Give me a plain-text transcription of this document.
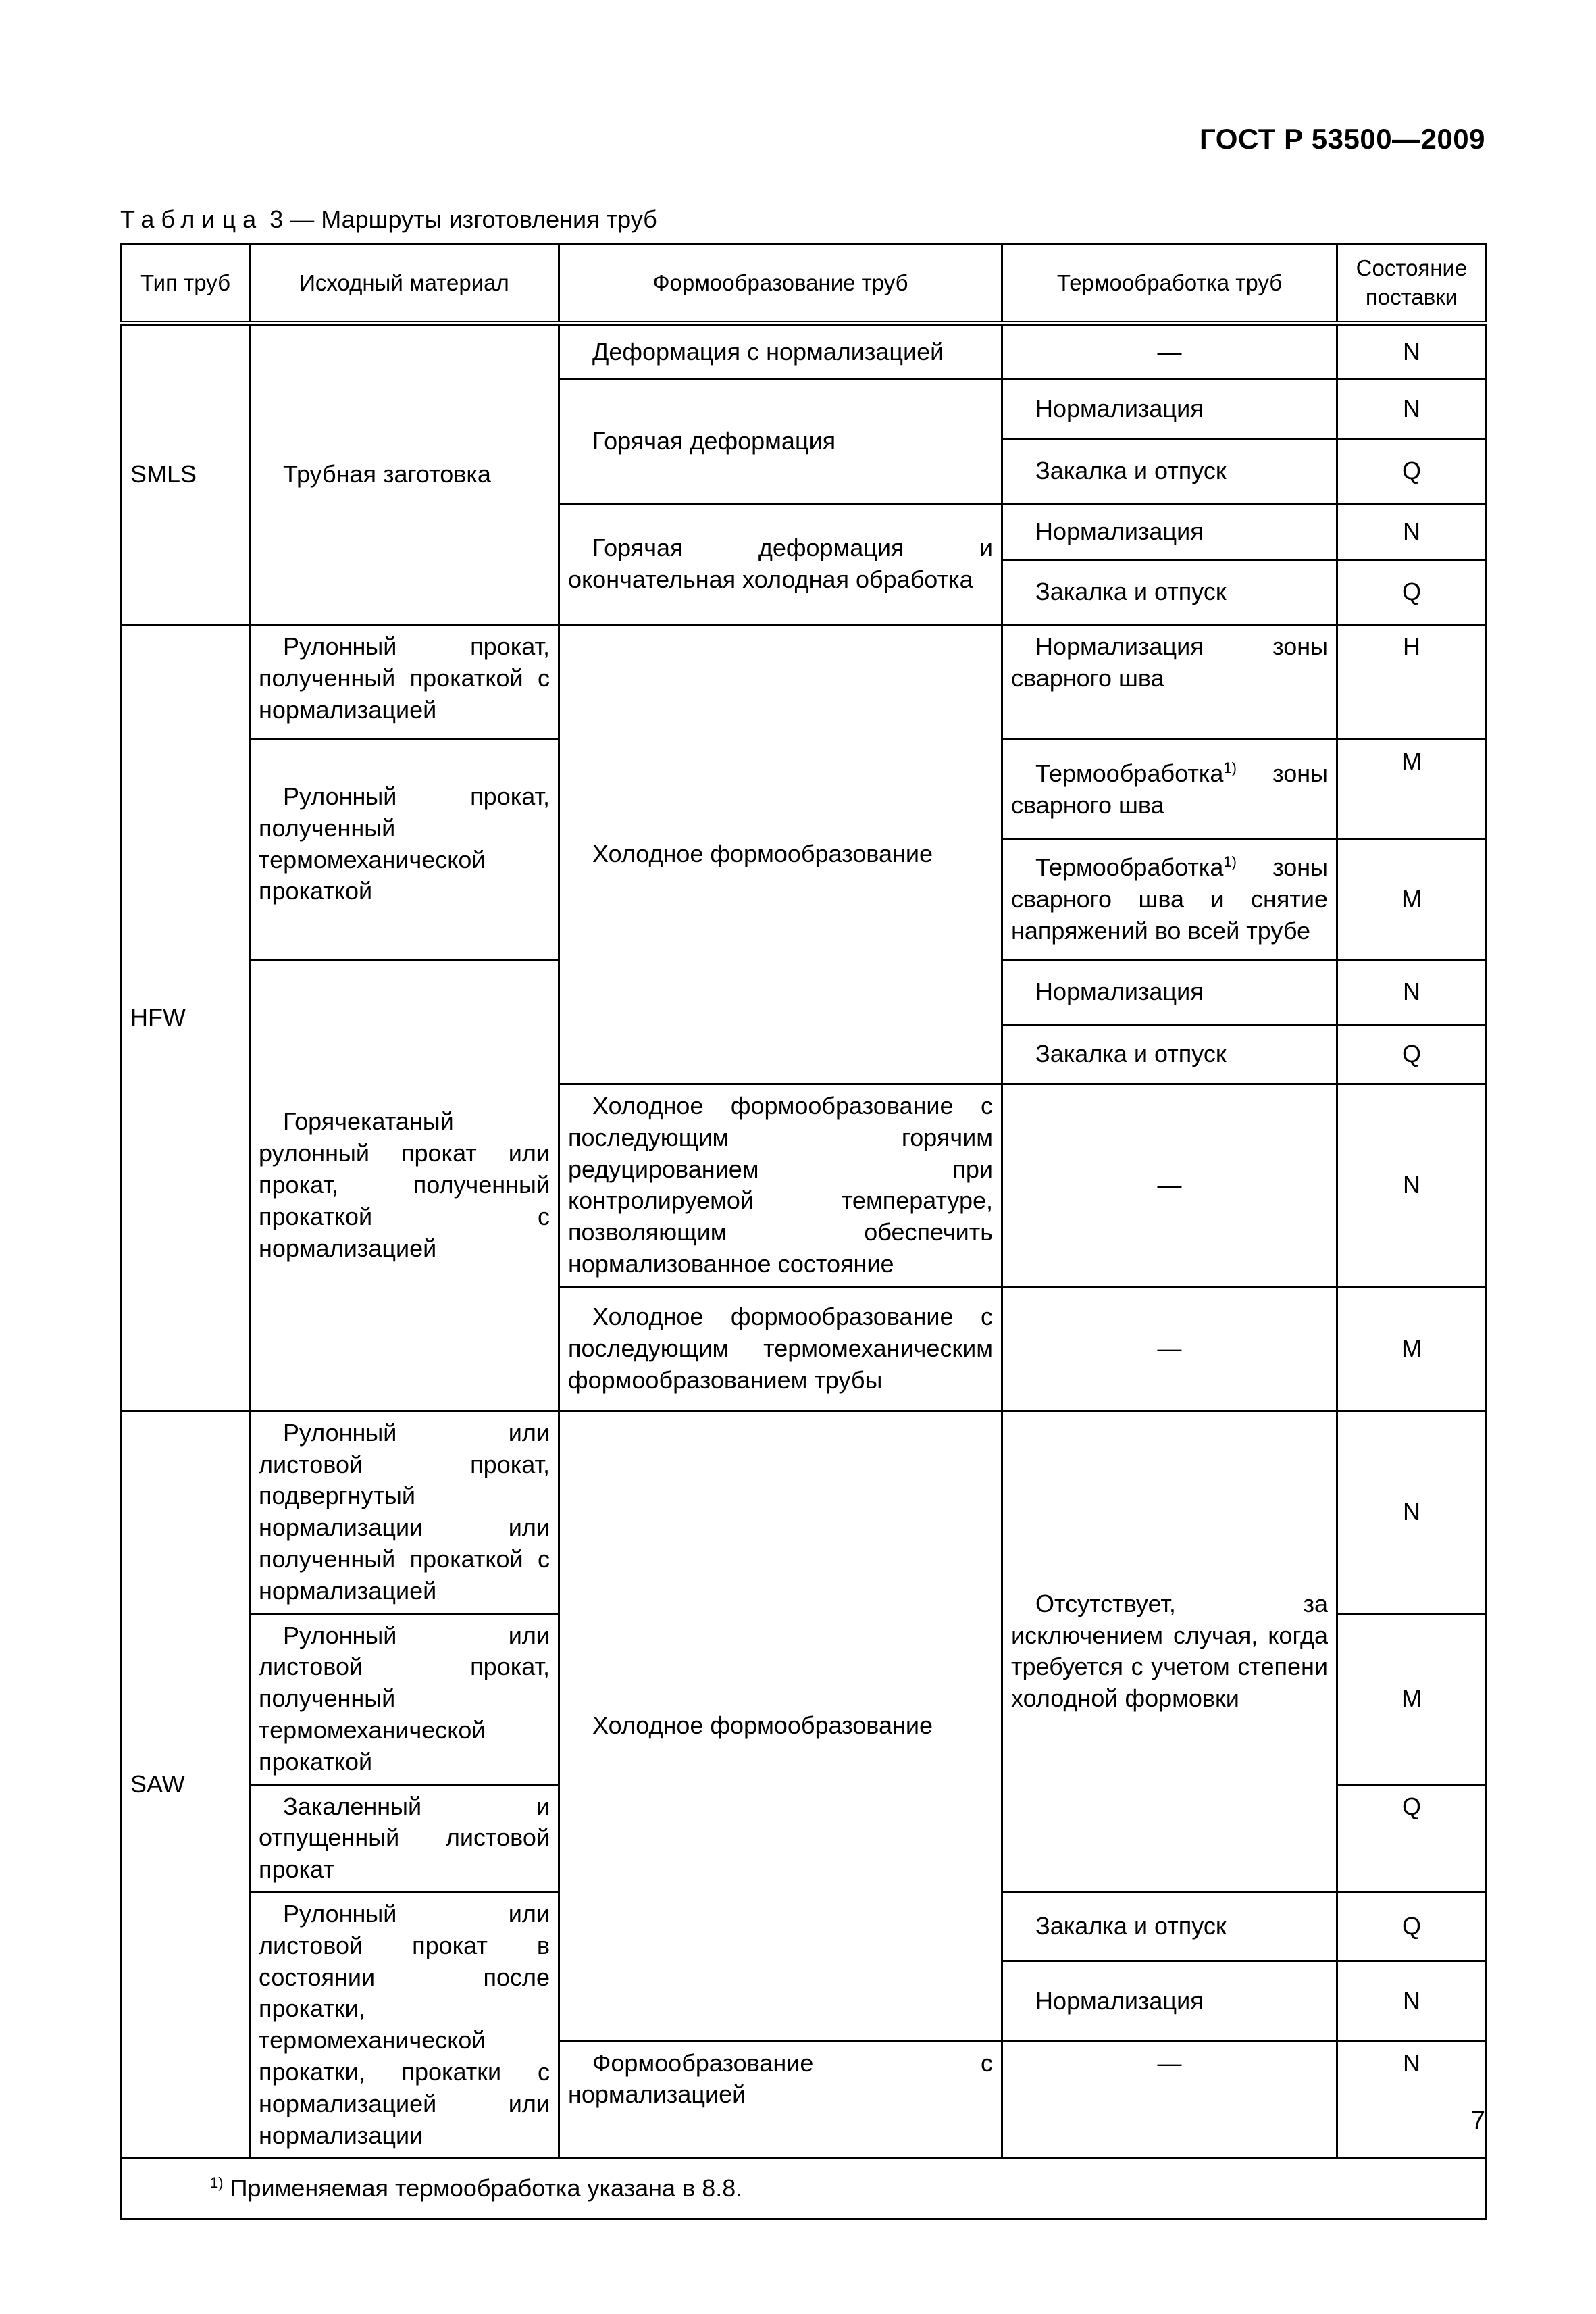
ГОСТ Р 53500—2009
Таблица 3 — Маршруты изготовления труб
Тип труб	Исходный материал	Формообразование труб	Термообработка труб	Состояние поставки
SMLS	Трубная заготовка	Деформация с нормализацией	—	N
		Горячая деформация	Нормализация	N
			Закалка и отпуск	Q
		Горячая деформация и окончательная холодная обработка	Нормализация	N
			Закалка и отпуск	Q
HFW	Рулонный прокат, полученный прокаткой с нормализацией	Холодное формообразование	Нормализация зоны сварного шва	H
	Рулонный прокат, полученный термомеханической прокаткой		Термообработка$^{1)}$ зоны сварного шва	M
			Термообработка$^{1)}$ зоны сварного шва и снятие напряжений во всей трубе	M
	Горячекатаный рулонный прокат или прокат, полученный прокаткой с нормализацией		Нормализация	N
			Закалка и отпуск	Q
		Холодное формообразование с последующим горячим редуцированием при контролируемой температуре, позволяющим обеспечить нормализованное состояние	—	N
		Холодное формообразование с последующим термомеханическим формообразованием трубы	—	M
SAW	Рулонный или листовой прокат, подвергнутый нормализации или полученный прокаткой с нормализацией	Холодное формообразование	Отсутствует, за исключением случая, когда требуется с учетом степени холодной формовки	N
	Рулонный или листовой прокат, полученный термомеханической прокаткой			M
	Закаленный и отпущенный листовой прокат			Q
	Рулонный или листовой прокат в состоянии после прокатки, термомеханической прокатки, прокатки с нормализацией или нормализации		Закалка и отпуск	Q
			Нормализация	N
		Формообразование с нормализацией	—	N
$^{1)}$ Применяемая термообработка указана в 8.8.				
7
